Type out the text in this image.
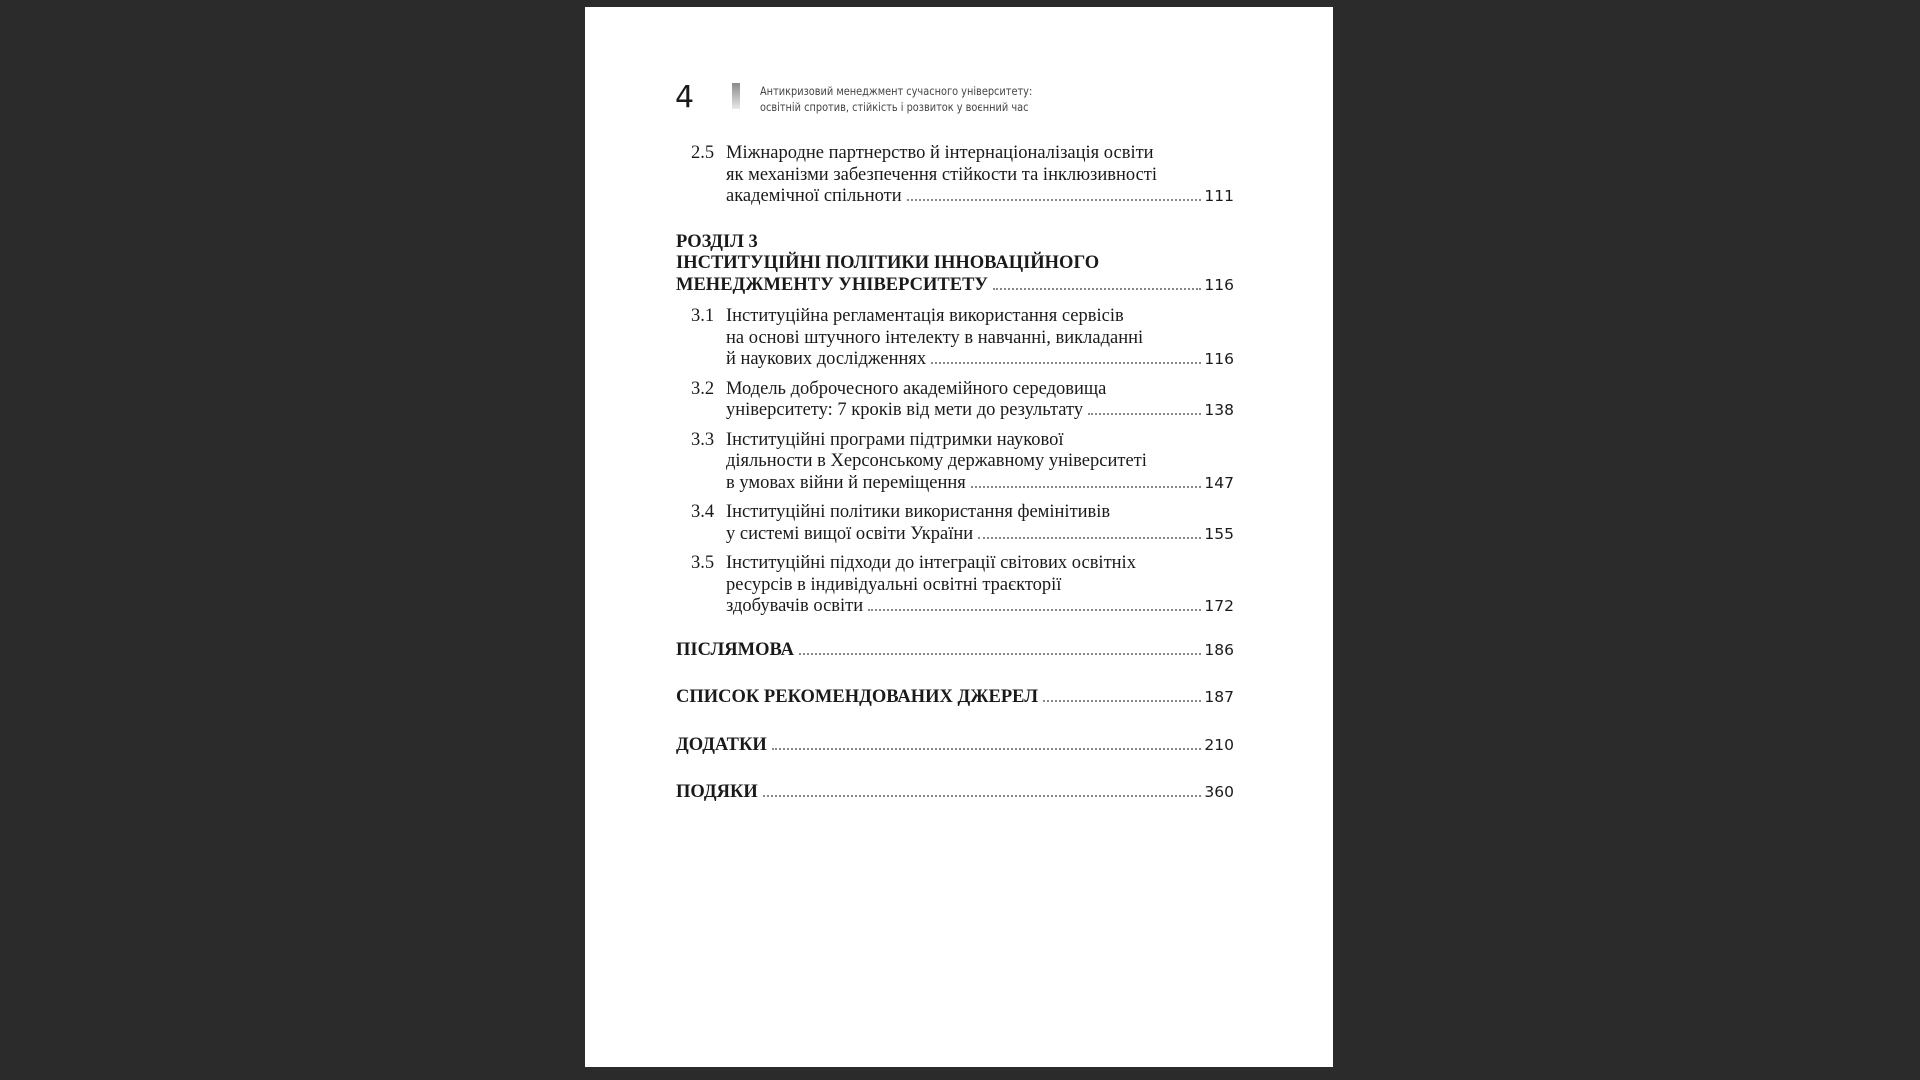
4	Антикризовий менеджмент сучасного університету:
освітній спротив, стійкість і розвиток у воєнний час
2.5 Міжнародне партнерство й інтернаціоналізація освіти
як механізми забезпечення стійкости та інклюзивності
академічної спільноти	111
РОЗДІЛ 3
ІНСТИТУЦІЙНІ ПОЛІТИКИ ІННОВАЦІЙНОГО
МЕНЕДЖМЕНТУ УНІВЕРСИТЕТУ	116
3.1 Інституційна регламентація використання сервісів
на основі штучного інтелекту в навчанні, викладанні
й наукових дослідженнях	116
3.2 Модель доброчесного академійного середовища
університету: 7 кроків від мети до результату	138
3.3 Інституційні програми підтримки наукової
діяльности в Херсонському державному університеті
в умовах війни й переміщення	147
3.4 Інституційні політики використання фемінітивів
у системі вищої освіти України	155
3.5 Інституційні підходи до інтеграції світових освітніх
ресурсів в індивідуальні освітні траєкторії
здобувачів освіти	172
ПІСЛЯМОВА	186
СПИСОК РЕКОМЕНДОВАНИХ ДЖЕРЕЛ	187
ДОДАТКИ	210
ПОДЯКИ	360
